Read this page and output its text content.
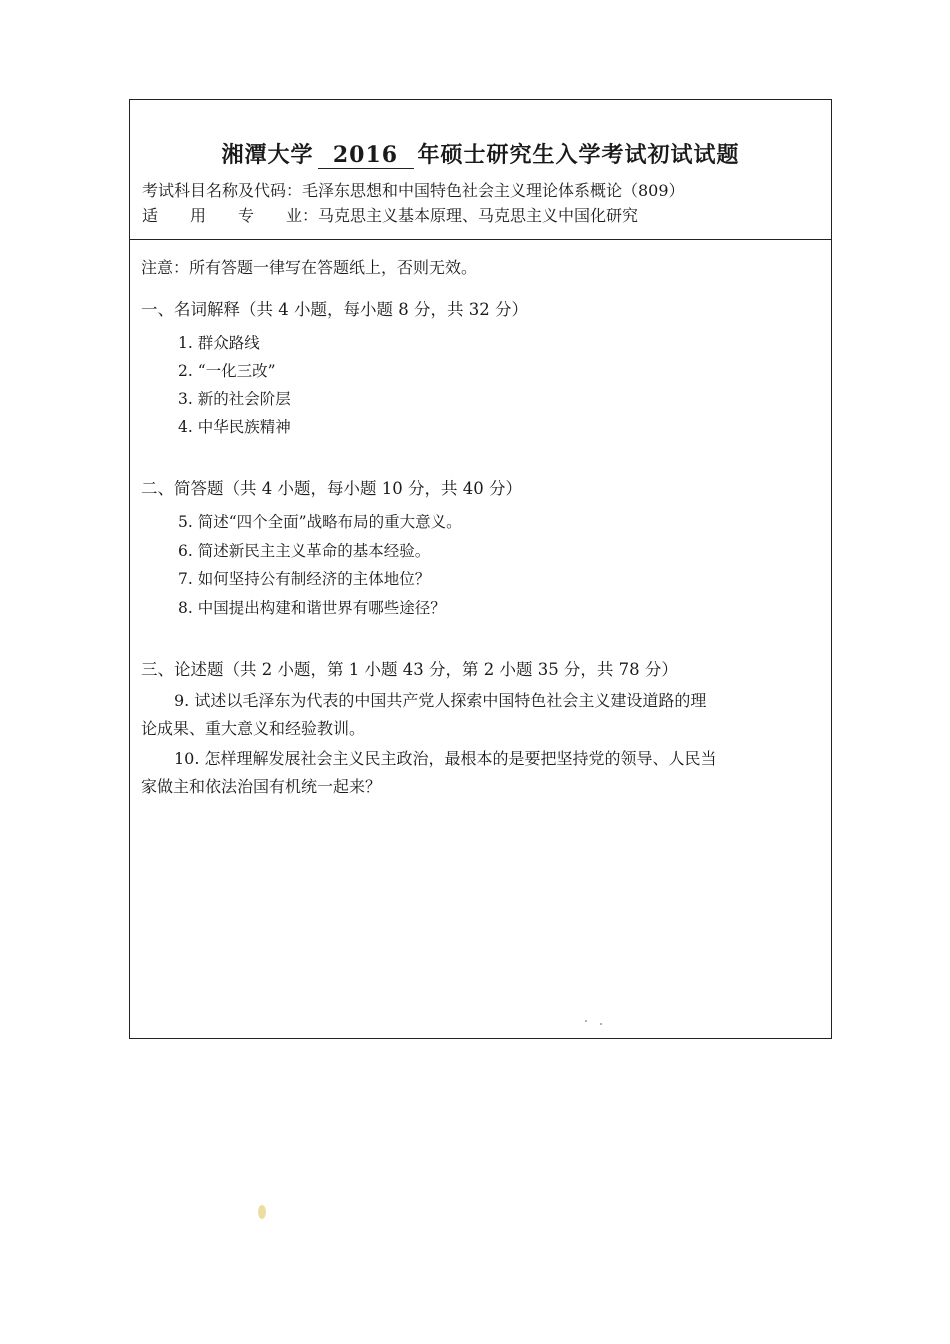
湘潭大学 2016 年硕士研究生入学考试初试试题
考试科目名称及代码：毛泽东思想和中国特色社会主义理论体系概论（809）
适　　用　　专　　业：马克思主义基本原理、马克思主义中国化研究
注意：所有答题一律写在答题纸上，否则无效。
一、名词解释（共 4 小题，每小题 8 分，共 32 分）
1. 群众路线
2. “一化三改”
3. 新的社会阶层
4. 中华民族精神
二、简答题（共 4 小题，每小题 10 分，共 40 分）
5. 简述“四个全面”战略布局的重大意义。
6. 简述新民主主义革命的基本经验。
7. 如何坚持公有制经济的主体地位？
8. 中国提出构建和谐世界有哪些途径？
三、论述题（共 2 小题，第 1 小题 43 分，第 2 小题 35 分，共 78 分）
9. 试述以毛泽东为代表的中国共产党人探索中国特色社会主义建设道路的理
论成果、重大意义和经验教训。
10. 怎样理解发展社会主义民主政治，最根本的是要把坚持党的领导、人民当
家做主和依法治国有机统一起来？
